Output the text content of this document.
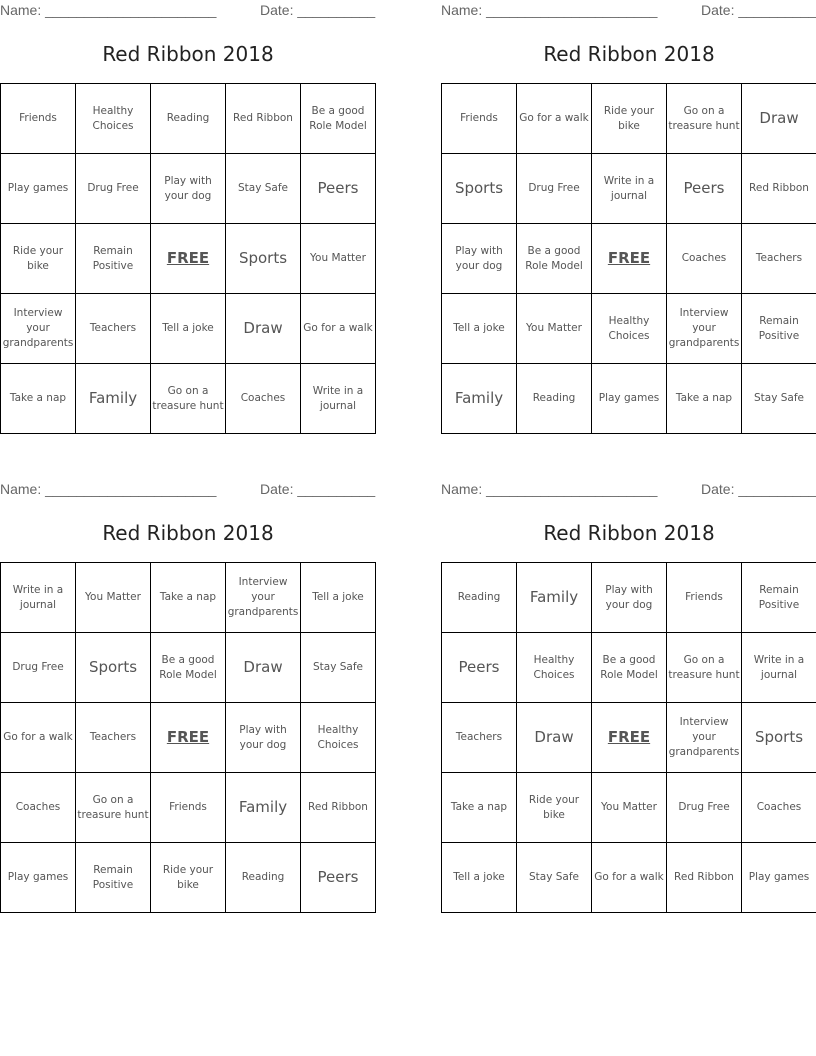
Name: ______________________	Date: __________
Red Ribbon 2018
Friends	Healthy Choices	Reading	Red Ribbon	Be a good Role Model
Play games	Drug Free	Play with your dog	Stay Safe	Peers
Ride your bike	Remain Positive	FREE	Sports	You Matter
Interview your grandparents	Teachers	Tell a joke	Draw	Go for a walk
Take a nap	Family	Go on a treasure hunt	Coaches	Write in a journal
Name: ______________________	Date: __________
Red Ribbon 2018
Friends	Go for a walk	Ride your bike	Go on a treasure hunt	Draw
Sports	Drug Free	Write in a journal	Peers	Red Ribbon
Play with your dog	Be a good Role Model	FREE	Coaches	Teachers
Tell a joke	You Matter	Healthy Choices	Interview your grandparents	Remain Positive
Family	Reading	Play games	Take a nap	Stay Safe
Name: ______________________	Date: __________
Red Ribbon 2018
Write in a journal	You Matter	Take a nap	Interview your grandparents	Tell a joke
Drug Free	Sports	Be a good Role Model	Draw	Stay Safe
Go for a walk	Teachers	FREE	Play with your dog	Healthy Choices
Coaches	Go on a treasure hunt	Friends	Family	Red Ribbon
Play games	Remain Positive	Ride your bike	Reading	Peers
Name: ______________________	Date: __________
Red Ribbon 2018
Reading	Family	Play with your dog	Friends	Remain Positive
Peers	Healthy Choices	Be a good Role Model	Go on a treasure hunt	Write in a journal
Teachers	Draw	FREE	Interview your grandparents	Sports
Take a nap	Ride your bike	You Matter	Drug Free	Coaches
Tell a joke	Stay Safe	Go for a walk	Red Ribbon	Play games
